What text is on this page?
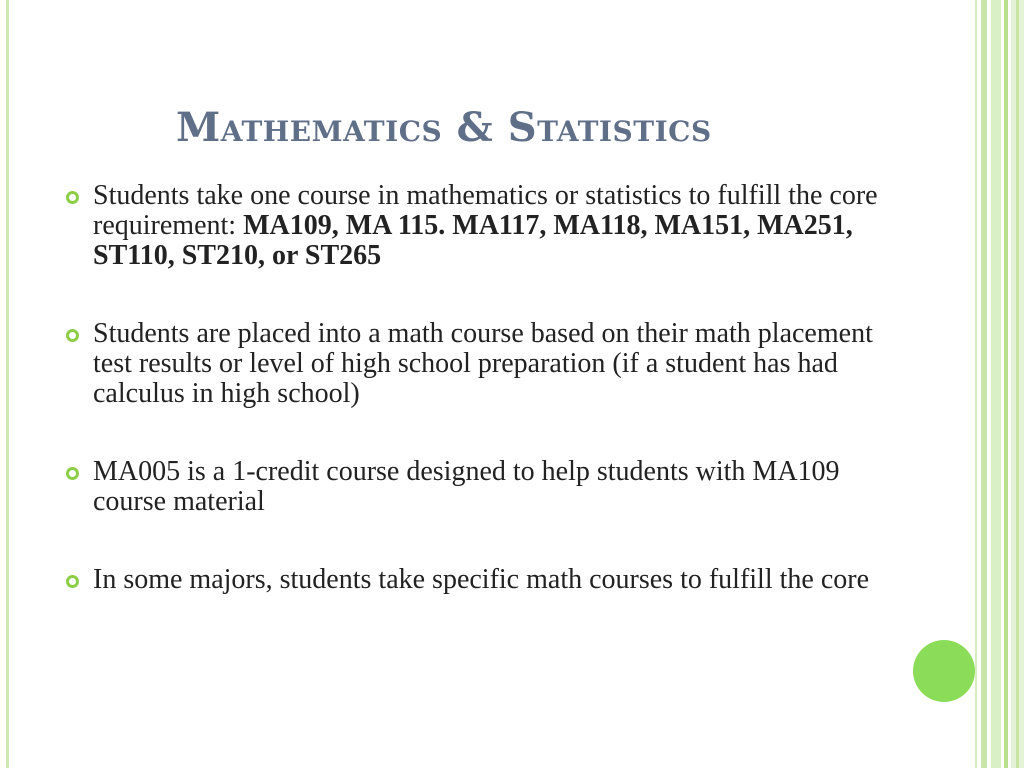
Mathematics & Statistics
Students take one course in mathematics or statistics to fulfill the core requirement: MA109, MA 115. MA117, MA118, MA151, MA251, ST110, ST210, or ST265
Students are placed into a math course based on their math placement test results or level of high school preparation (if a student has had calculus in high school)
MA005 is a 1-credit course designed to help students with MA109 course material
In some majors, students take specific math courses to fulfill the core
